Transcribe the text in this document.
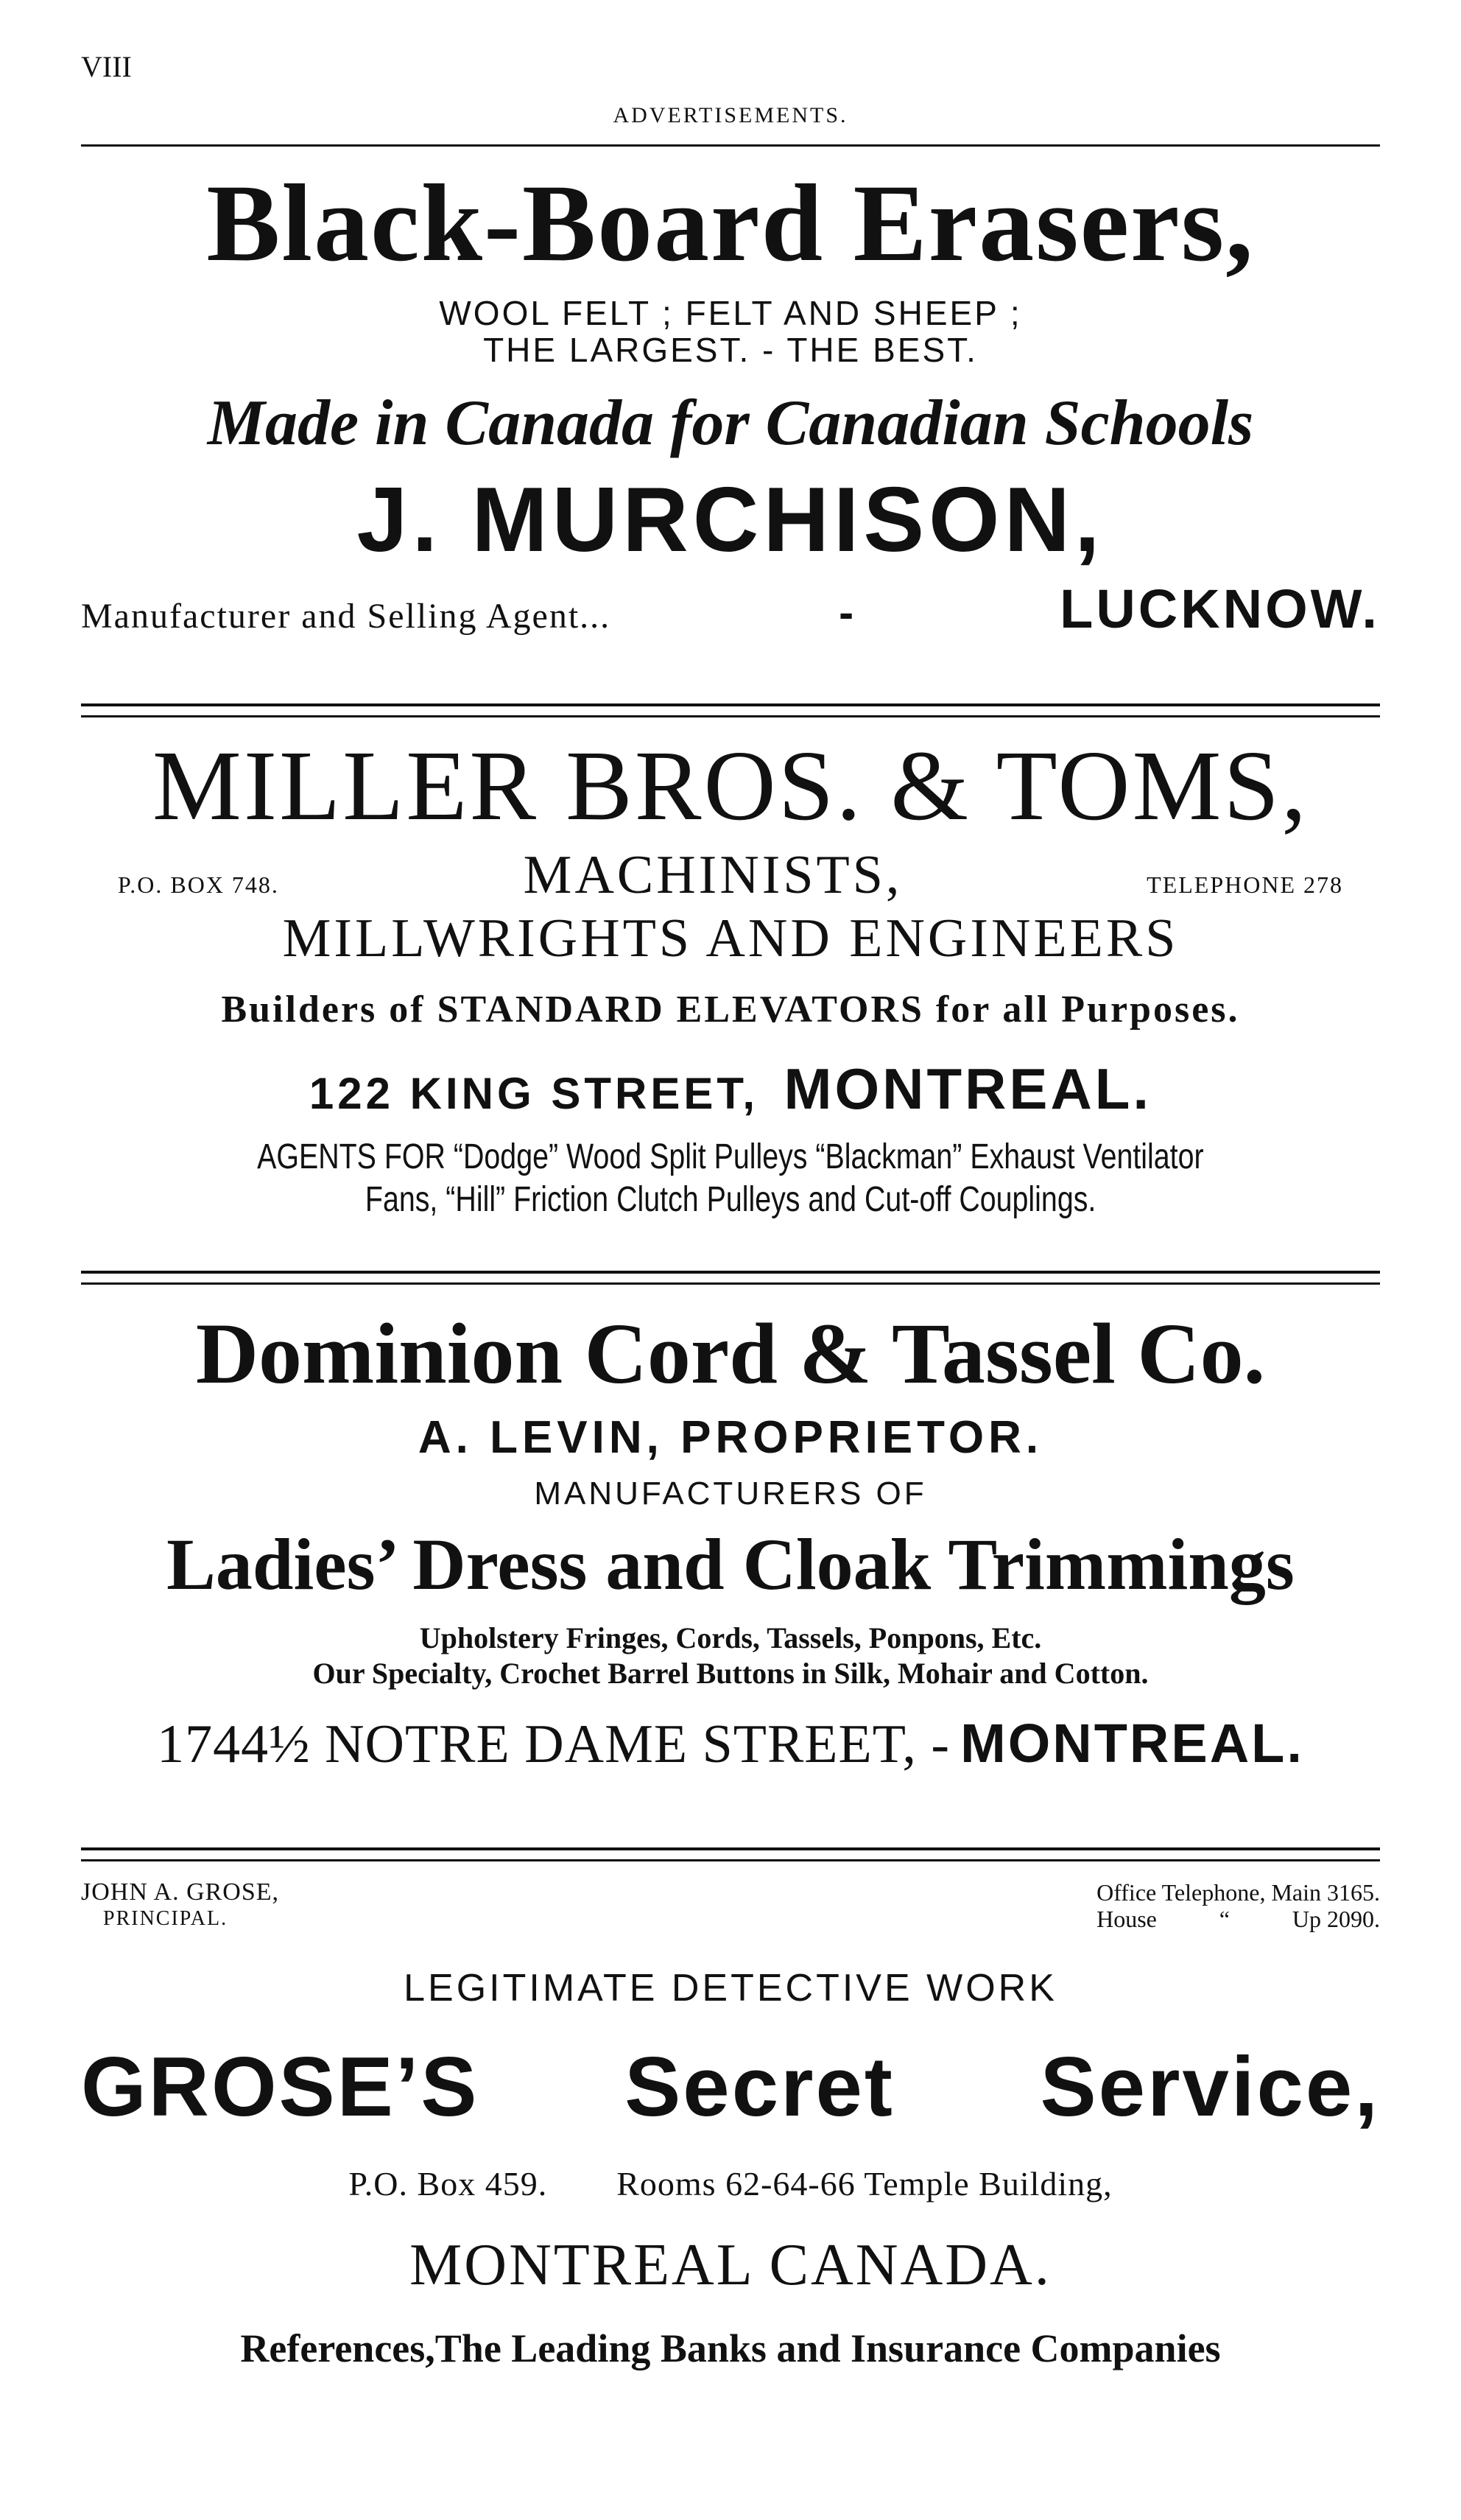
VIII
ADVERTISEMENTS.
Black-Board Erasers,
WOOL FELT ; FELT AND SHEEP ;
THE LARGEST. - THE BEST.
Made in Canada for Canadian Schools
J. MURCHISON,
Manufacturer and Selling Agent...	-	LUCKNOW.
MILLER BROS. & TOMS,
P.O. BOX 748.	MACHINISTS,	TELEPHONE 278
MILLWRIGHTS AND ENGINEERS
Builders of STANDARD ELEVATORS for all Purposes.
122 KING STREET, MONTREAL.
AGENTS FOR “Dodge” Wood Split Pulleys “Blackman” Exhaust Ventilator
Fans, “Hill” Friction Clutch Pulleys and Cut-off Couplings.
Dominion Cord & Tassel Co.
A. LEVIN, PROPRIETOR.
MANUFACTURERS OF
Ladies’ Dress and Cloak Trimmings
Upholstery Fringes, Cords, Tassels, Ponpons, Etc.
Our Specialty, Crochet Barrel Buttons in Silk, Mohair and Cotton.
1744½ NOTRE DAME STREET, - MONTREAL.
JOHN A. GROSE,
PRINCIPAL.
Office Telephone, Main 3165.
House	“	Up 2090.
LEGITIMATE DETECTIVE WORK
GROSE’S Secret Service,
P.O. Box 459. Rooms 62-64-66 Temple Building,
MONTREAL CANADA.
References,The Leading Banks and Insurance Companies
